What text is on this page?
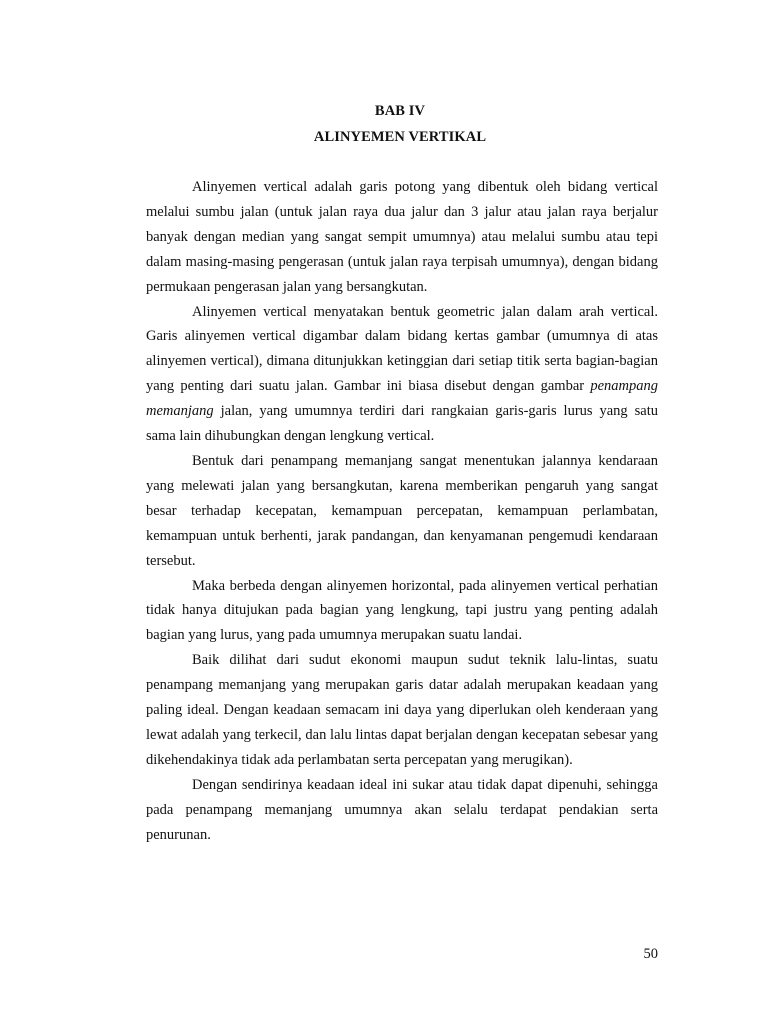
BAB IV
ALINYEMEN VERTIKAL

Alinyemen vertical adalah garis potong yang dibentuk oleh bidang vertical melalui sumbu jalan (untuk jalan raya dua jalur dan 3 jalur atau jalan raya berjalur banyak dengan median yang sangat sempit umumnya) atau melalui sumbu atau tepi dalam masing-masing pengerasan (untuk jalan raya terpisah umumnya), dengan bidang permukaan pengerasan jalan yang bersangkutan.

Alinyemen vertical menyatakan bentuk geometric jalan dalam arah vertical. Garis alinyemen vertical digambar dalam bidang kertas gambar (umumnya di atas alinyemen vertical), dimana ditunjukkan ketinggian dari setiap titik serta bagian-bagian yang penting dari suatu jalan. Gambar ini biasa disebut dengan gambar penampang memanjang jalan, yang umumnya terdiri dari rangkaian garis-garis lurus yang satu sama lain dihubungkan dengan lengkung vertical.

Bentuk dari penampang memanjang sangat menentukan jalannya kendaraan yang melewati jalan yang bersangkutan, karena memberikan pengaruh yang sangat besar terhadap kecepatan, kemampuan percepatan, kemampuan perlambatan, kemampuan untuk berhenti, jarak pandangan, dan kenyamanan pengemudi kendaraan tersebut.

Maka berbeda dengan alinyemen horizontal, pada alinyemen vertical perhatian tidak hanya ditujukan pada bagian yang lengkung, tapi justru yang penting adalah bagian yang lurus, yang pada umumnya merupakan suatu landai.

Baik dilihat dari sudut ekonomi maupun sudut teknik lalu-lintas, suatu penampang memanjang yang merupakan garis datar adalah merupakan keadaan yang paling ideal. Dengan keadaan semacam ini daya yang diperlukan oleh kenderaan yang lewat adalah yang terkecil, dan lalu lintas dapat berjalan dengan kecepatan sebesar yang dikehendakinya tidak ada perlambatan serta percepatan yang merugikan).

Dengan sendirinya keadaan ideal ini sukar atau tidak dapat dipenuhi, sehingga pada penampang memanjang umumnya akan selalu terdapat pendakian serta penurunan.

50
